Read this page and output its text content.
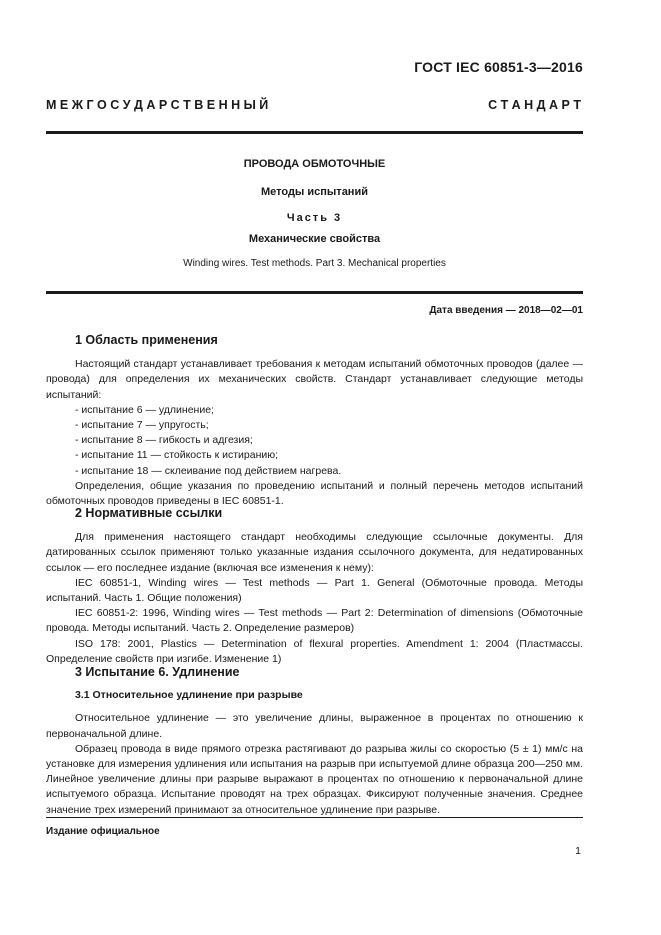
ГОСТ IEC 60851-3—2016
М Е Ж Г О С У Д А Р С Т В Е Н Н Ы Й	С Т А Н Д А Р Т
ПРОВОДА ОБМОТОЧНЫЕ
Методы испытаний
Часть 3
Механические свойства
Winding wires. Test methods. Part 3. Mechanical properties
Дата введения — 2018—02—01
1 Область применения

Настоящий стандарт устанавливает требования к методам испытаний обмоточных проводов (далее — провода) для определения их механических свойств. Стандарт устанавливает следующие методы испытаний:

- испытание 6 — удлинение;

- испытание 7 — упругость;

- испытание 8 — гибкость и адгезия;

- испытание 11 — стойкость к истиранию;

- испытание 18 — склеивание под действием нагрева.

Определения, общие указания по проведению испытаний и полный перечень методов испытаний обмоточных проводов приведены в IEC 60851-1.

2 Нормативные ссылки

Для применения настоящего стандарт необходимы следующие ссылочные документы. Для датированных ссылок применяют только указанные издания ссылочного документа, для недатированных ссылок — его последнее издание (включая все изменения к нему):

IEC 60851-1, Winding wires — Test methods — Part 1. General (Обмоточные провода. Методы испытаний. Часть 1. Общие положения)

IEC 60851-2: 1996, Winding wires — Test methods — Part 2: Determination of dimensions (Обмоточные провода. Методы испытаний. Часть 2. Определение размеров)

ISO 178: 2001, Plastics — Determination of flexural properties. Amendment 1: 2004 (Пластмассы. Определение свойств при изгибе. Изменение 1)

3 Испытание 6. Удлинение
3.1 Относительное удлинение при разрыве

Относительное удлинение — это увеличение длины, выраженное в процентах по отношению к первоначальной длине.

Образец провода в виде прямого отрезка растягивают до разрыва жилы со скоростью (5 ± 1) мм/с на установке для измерения удлинения или испытания на разрыв при испытуемой длине образца 200—250 мм. Линейное увеличение длины при разрыве выражают в процентах по отношению к первоначальной длине испытуемого образца. Испытание проводят на трех образцах. Фиксируют полученные значения. Среднее значение трех измерений принимают за относительное удлинение при разрыве.

Издание официальное
1
